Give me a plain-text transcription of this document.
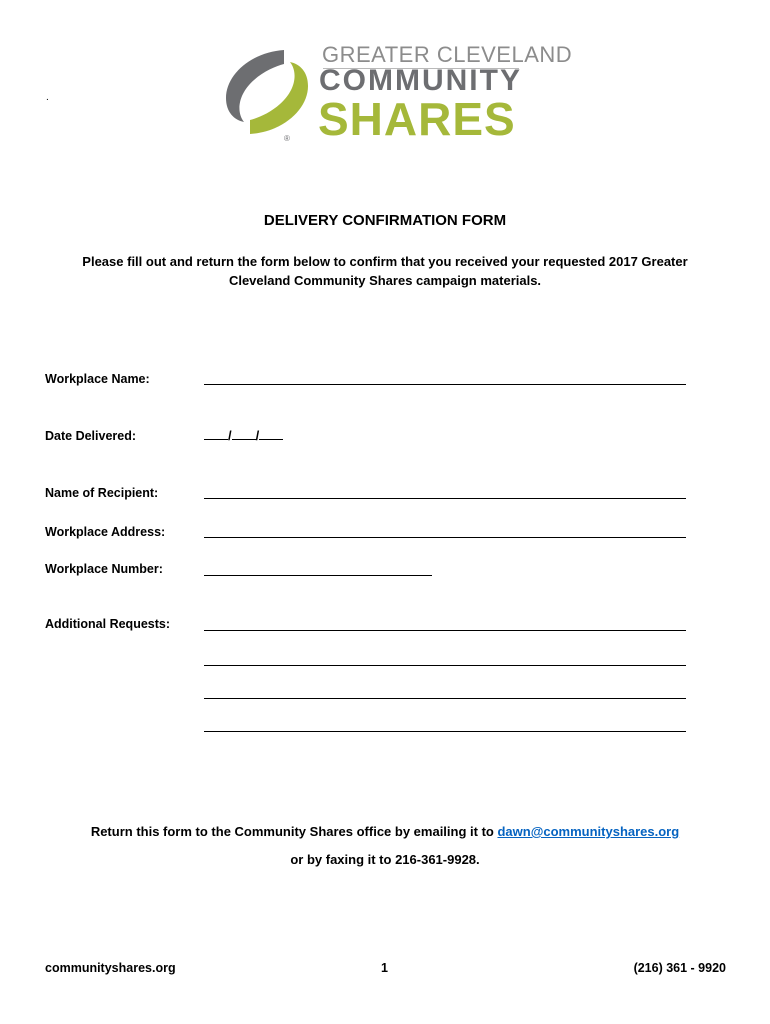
.
®
GREATER CLEVELAND
COMMUNITY
SHARES
DELIVERY CONFIRMATION FORM
Please fill out and return the form below to confirm that you received your requested 2017 Greater Cleveland Community Shares campaign materials.
Workplace Name:
Date Delivered:	/ /
Name of Recipient:
Workplace Address:
Workplace Number:
Additional Requests:
Return this form to the Community Shares office by emailing it to dawn@communityshares.org
or by faxing it to 216-361-9928.
communityshares.org	1	(216) 361 - 9920
